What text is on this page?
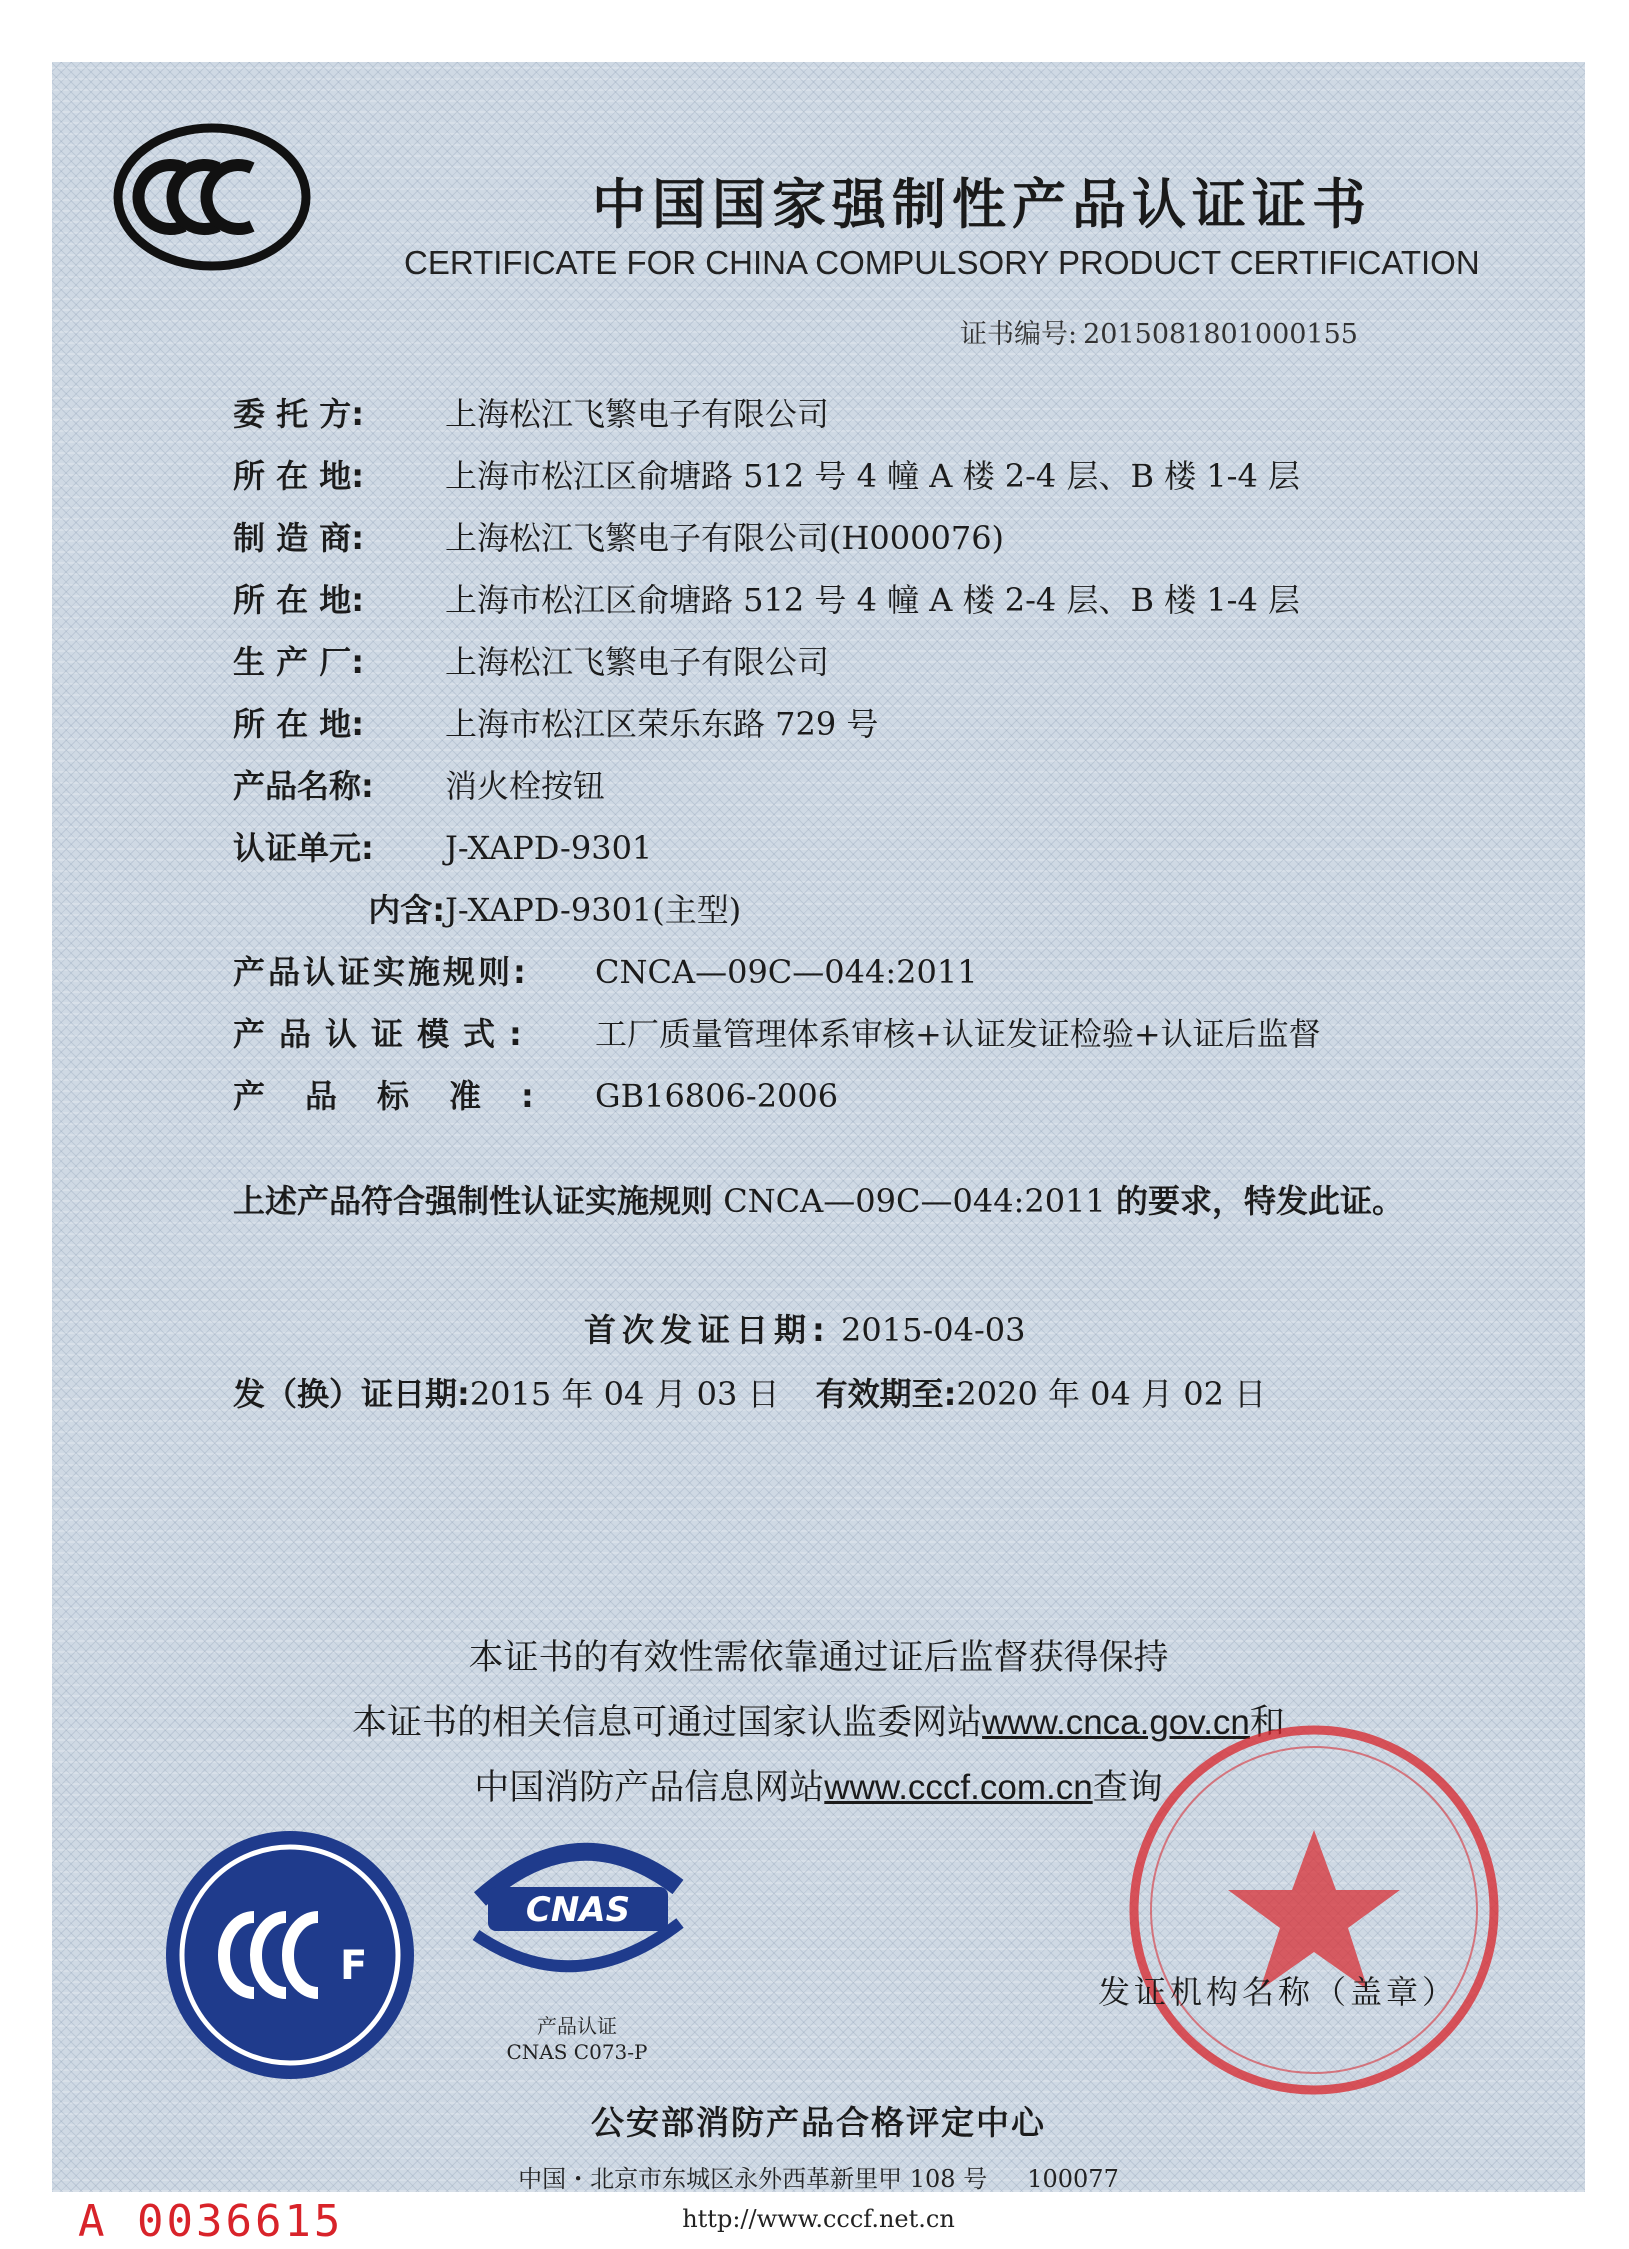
中国国家强制性产品认证证书
CERTIFICATE FOR CHINA COMPULSORY PRODUCT CERTIFICATION
证书编号: 2015081801000155
委 托 方:	上海松江飞繁电子有限公司
所 在 地:	上海市松江区俞塘路 512 号 4 幢 A 楼 2-4 层、B 楼 1-4 层
制 造 商:	上海松江飞繁电子有限公司(H000076)
所 在 地:	上海市松江区俞塘路 512 号 4 幢 A 楼 2-4 层、B 楼 1-4 层
生 产 厂:	上海松江飞繁电子有限公司
所 在 地:	上海市松江区荣乐东路 729 号
产品名称: 消火栓按钮
认证单元: J-XAPD-9301
内含:J-XAPD-9301(主型)
产品认证实施规则: CNCA—09C—044:2011
产品认证模式: 工厂质量管理体系审核+认证发证检验+认证后监督
产品标准: GB16806-2006
上述产品符合强制性认证实施规则 CNCA—09C—044:2011 的要求，特发此证。
首次发证日期: 2015-04-03
发（换）证日期:2015 年 04 月 03 日 有效期至:2020 年 04 月 02 日
本证书的有效性需依靠通过证后监督获得保持
本证书的相关信息可通过国家认监委网站www.cnca.gov.cn和
中国消防产品信息网站www.cccf.com.cn查询
F
CNAS
产品认证
CNAS C073-P
发证机构名称（盖章）
公安部消防产品合格评定中心
中国・北京市东城区永外西革新里甲 108 号 100077
http://www.cccf.net.cn
A 0036615
